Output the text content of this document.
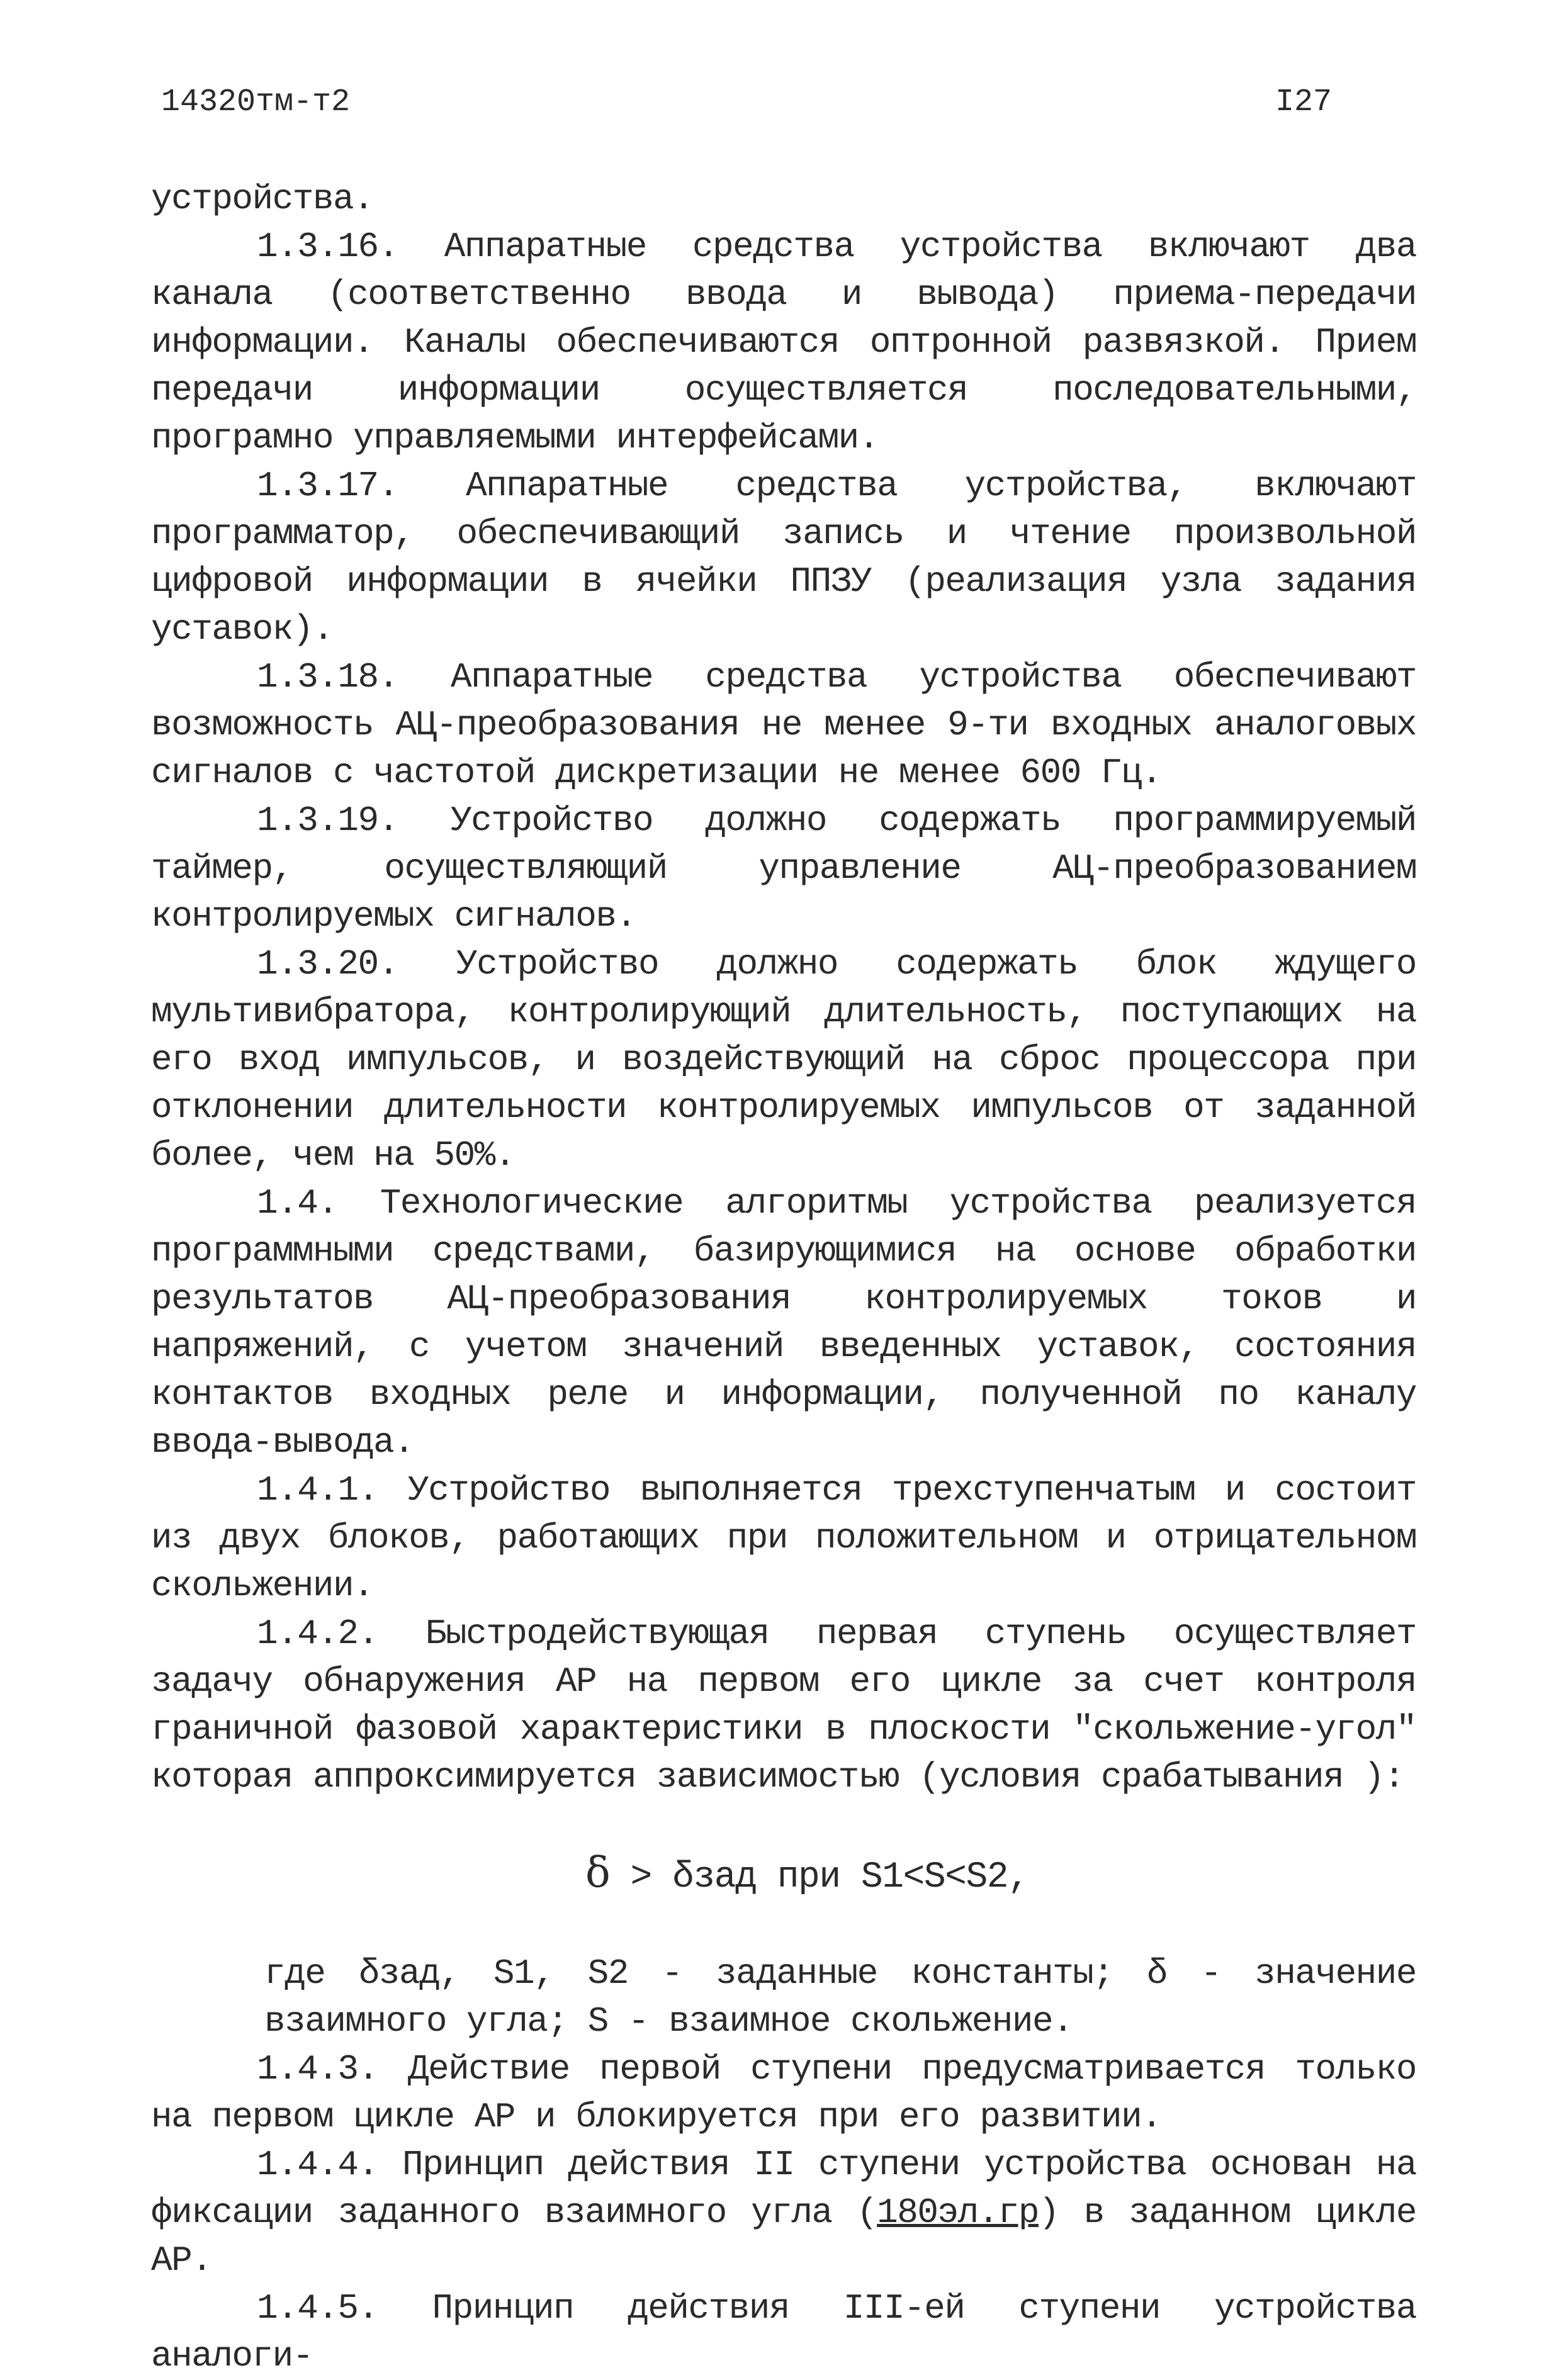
14320тм-т2	I27

устройства.

1.3.16. Аппаратные средства устройства включают два канала (соответственно ввода и вывода) приема-передачи информации. Каналы обеспечиваются оптронной развязкой. Прием передачи информации осуществляется последовательными, програмно управляемыми интерфейсами.

1.3.17. Аппаратные средства устройства, включают программатор, обеспечивающий запись и чтение произвольной цифровой информации в ячейки ППЗУ (реализация узла задания уставок).

1.3.18. Аппаратные средства устройства обеспечивают возможность АЦ-преобразования не менее 9-ти входных аналоговых сигналов с частотой дискретизации не менее 600 Гц.

1.3.19. Устройство должно содержать программируемый таймер, осуществляющий управление АЦ-преобразованием контролируемых сигналов.

1.3.20. Устройство должно содержать блок ждущего мультивибратора, контролирующий длительность, поступающих на его вход импульсов, и воздействующий на сброс процессора при отклонении длительности контролируемых импульсов от заданной более, чем на 50%.

1.4. Технологические алгоритмы устройства реализуется программными средствами, базирующимися на основе обработки результатов АЦ-преобразования контролируемых токов и напряжений, с учетом значений введенных уставок, состояния контактов входных реле и информации, полученной по каналу ввода-вывода.

1.4.1. Устройство выполняется трехступенчатым и состоит из двух блоков, работающих при положительном и отрицательном скольжении.

1.4.2. Быстродействующая первая ступень осуществляет задачу обнаружения АР на первом его цикле за счет контроля граничной фазовой характеристики в плоскости "скольжение-угол" которая аппроксимируется зависимостью (условия срабатывания ):

δ > δзад при S1<S<S2,

где δзад, S1, S2 - заданные константы; δ - значение взаимного угла; S - взаимное скольжение.

1.4.3. Действие первой ступени предусматривается только на первом цикле АР и блокируется при его развитии.

1.4.4. Принцип действия II ступени устройства основан на фиксации заданного взаимного угла (180эл.гр) в заданном цикле АР.

1.4.5. Принцип действия III-ей ступени устройства аналоги-
